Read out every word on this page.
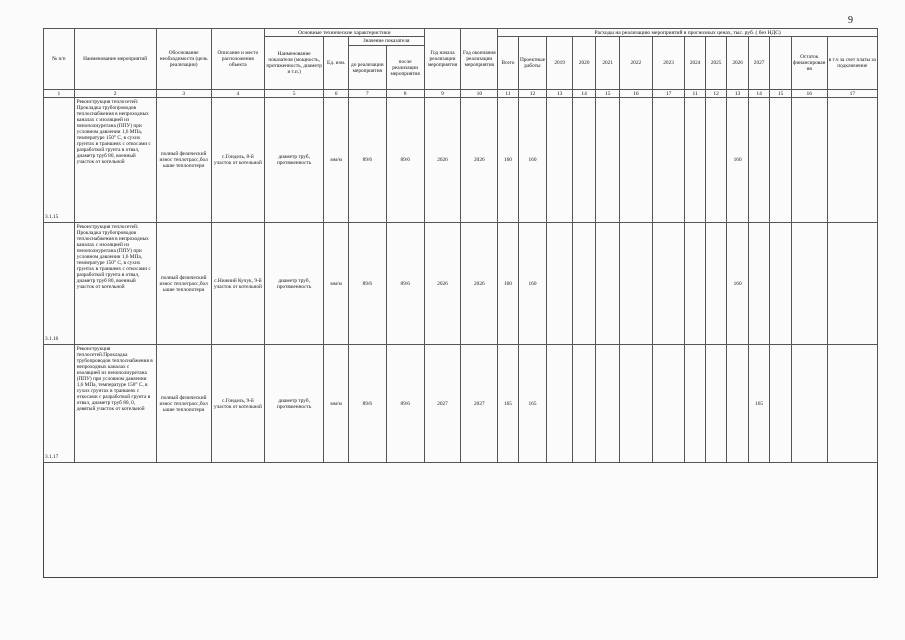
9
№ п/п	Наименование мероприятий	Обоснование необходимости (цель реализации)	Описание и место расположения объекта	Основные технические характеристики				Год начала реализации мероприятия	Год окончания реализации мероприятия	Расходы на реализацию мероприятий в прогнозных ценах, тыс. руб. ( без НДС)													
				Наименование показателя (мощность, протяженность, диаметр и т.п.)	Ед. изм.	Значение показателя				Всего	Проектные работы	2019	2020	2021	2022	2023	2024	2025	2026	2027		Остаток финансирования	в т.ч за счет платы за подключение
						до реализации мероприятия	после реализации мероприятия																
1	2	3	4	5	6	7	8	9	10	11	12	13	14	15	16	17	11	12	13	14	15	16	17
3.1.15	Реконструкция теплосетей: Прокладка трубопроводов теплоснабжения в непроходных каналах с изоляцией из пенополиуретана (ППУ) при условном давлении 1,6 МПа, температуре 150° С, в сухих грунтах в траншеях с откосами с разработкой грунта в отвал, диаметр труб 80, военный участок от котельной	полный физический износ теплотрасс,бол ьшие теплопотери	с.Гондель, 8-й участок от котельной	диаметр труб, протяженность	мм/м	89/6	89/6	2026	2026	160	160								160				
3.1.16	Реконструкция теплосетей: Прокладка трубопроводов теплоснабжения в непроходных каналах с изоляцией из пенополиуретана (ППУ) при условном давлении 1,6 МПа, температуре 150° С, в сухих грунтах в траншеях с откосами с разработкой грунта в отвал, диаметр труб 80, военный участок от котельной	полный физический износ теплотрасс,бол ьшие теплопотери	с.Нижний Кучук, 9-й участок от котельной	диаметр труб, протяженность	мм/м	89/6	89/6	2026	2026	160	160								160				
3.1.17	Реконструкция теплосетей.Прокладка трубопроводов теплоснабжения в непроходных каналах с изоляцией из пенополиуретана (ППУ) при условном давлении 1,6 МПа, температуре 150° С, в сухих грунтах в траншеях с откосами с разработкой грунта в отвал, диаметр труб 80, 0, девятый участок от котельной	полный физический износ теплотрасс,бол ьшие теплопотери	с.Гондель, 9-й участок от котельной	диаметр труб, протяженность	мм/м	89/6	89/6	2027	2027	165	165									165			
